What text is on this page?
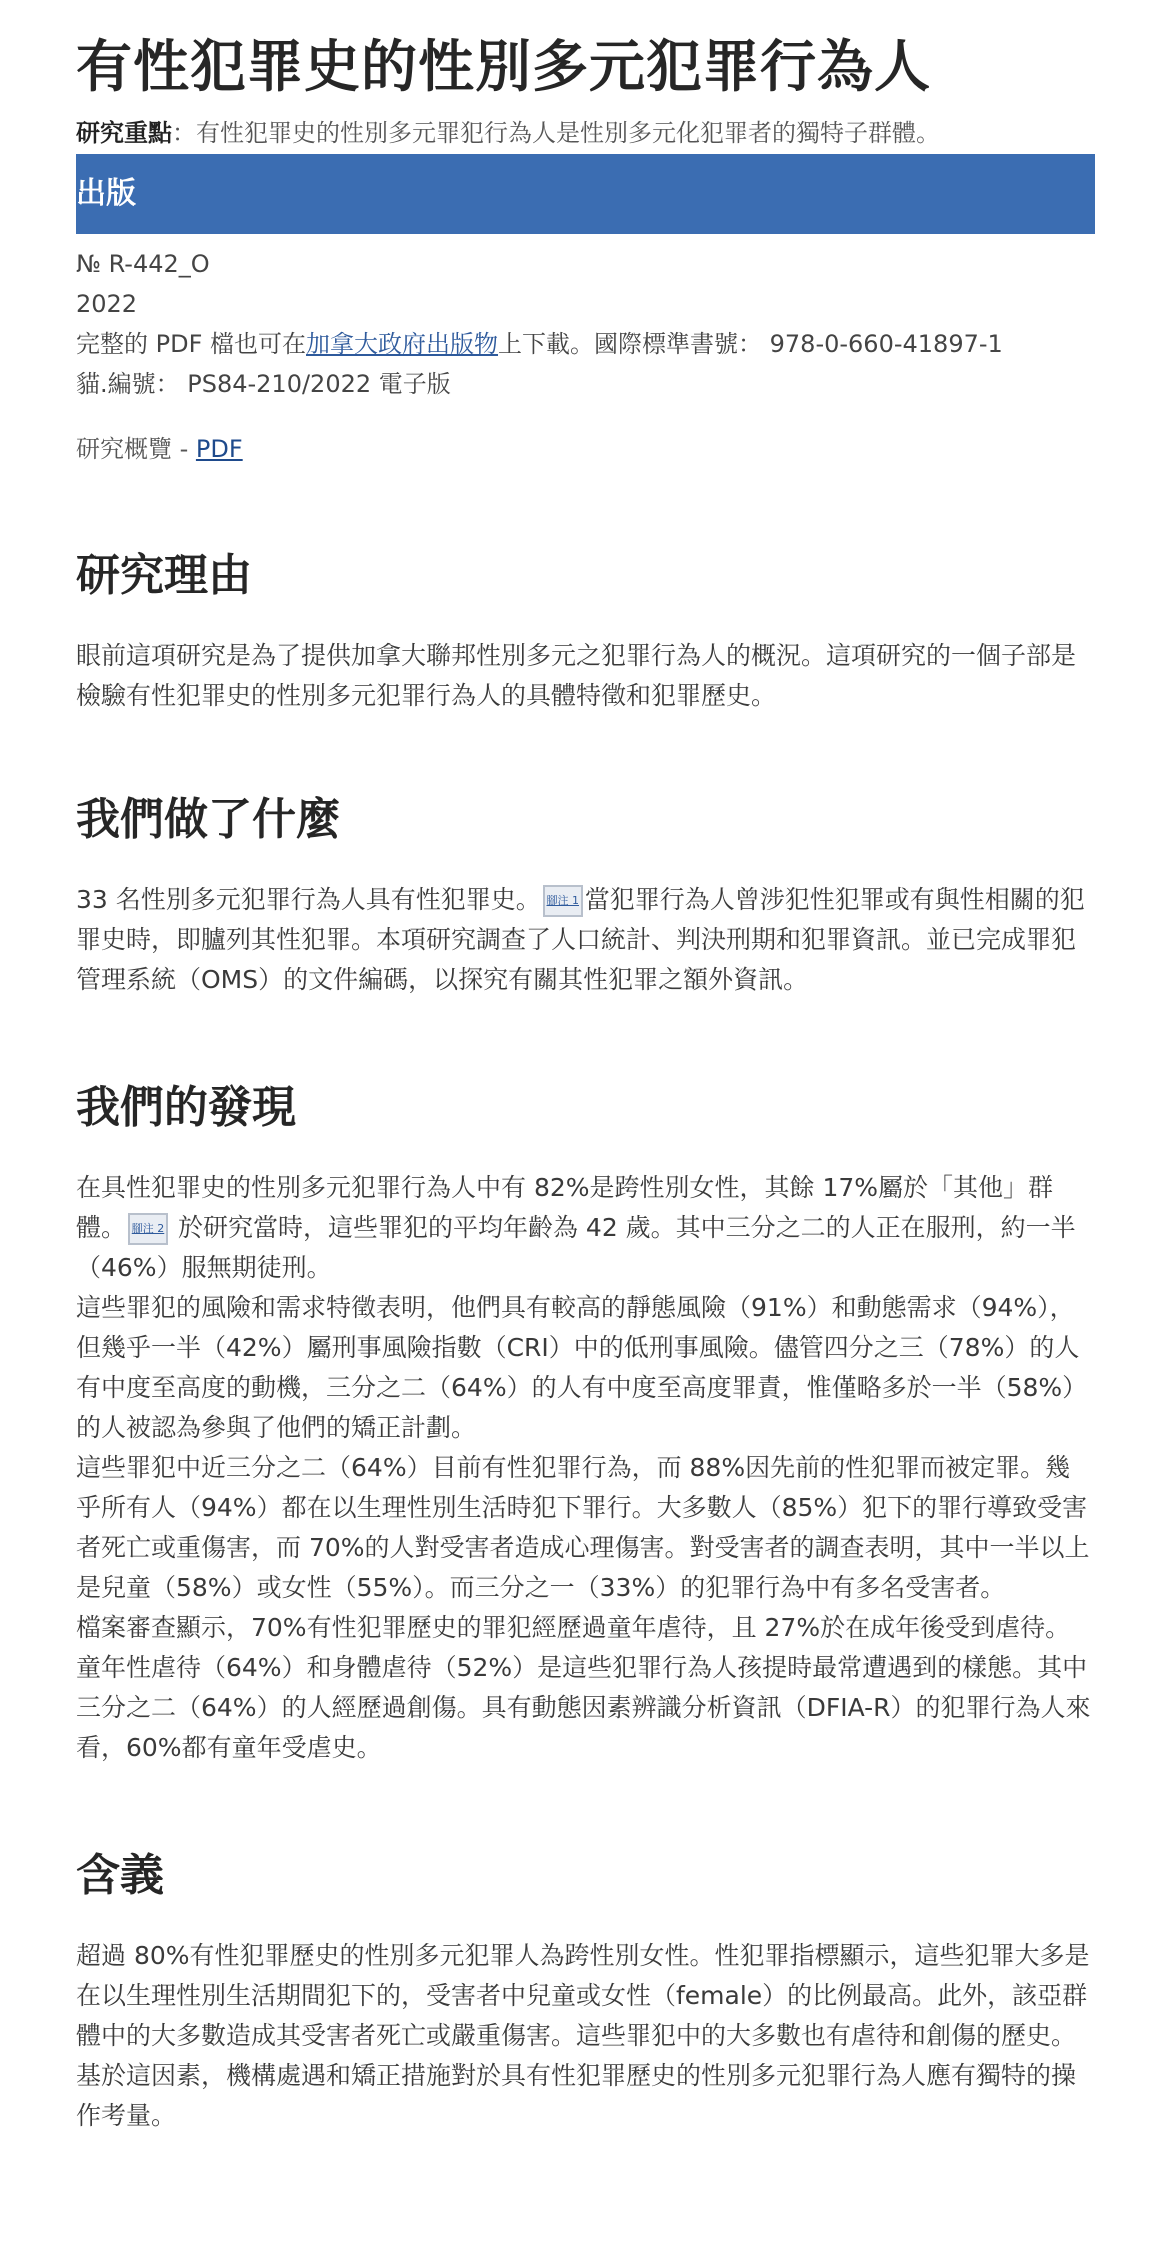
有性犯罪史的性別多元犯罪行為人

研究重點：有性犯罪史的性別多元罪犯行為人是性別多元化犯罪者的獨特子群體。

出版
№ R-442_O
2022
完整的 PDF 檔也可在加拿大政府出版物上下載。國際標準書號： 978-0-660-41897-1
貓.編號： PS84-210/2022 電子版
研究概覽 - PDF
研究理由

眼前這項研究是為了提供加拿大聯邦性別多元之犯罪行為人的概況。這項研究的一個子部是檢驗有性犯罪史的性別多元犯罪行為人的具體特徵和犯罪歷史。

我們做了什麼

33 名性別多元犯罪行為人具有性犯罪史。 腳注 1 當犯罪行為人曾涉犯性犯罪或有與性相關的犯罪史時，即臚列其性犯罪。本項研究調查了人口統計、判決刑期和犯罪資訊。並已完成罪犯管理系統（OMS）的文件編碼，以探究有關其性犯罪之額外資訊。

我們的發現

在具性犯罪史的性別多元犯罪行為人中有 82%是跨性別女性，其餘 17%屬於「其他」群體。 腳注 2 於研究當時，這些罪犯的平均年齡為 42 歲。其中三分之二的人正在服刑，約一半（46%）服無期徒刑。

這些罪犯的風險和需求特徵表明，他們具有較高的靜態風險（91%）和動態需求（94%），但幾乎一半（42%）屬刑事風險指數（CRI）中的低刑事風險。儘管四分之三（78%）的人有中度至高度的動機，三分之二（64%）的人有中度至高度罪責，惟僅略多於一半（58%）的人被認為參與了他們的矯正計劃。

這些罪犯中近三分之二（64%）目前有性犯罪行為，而 88%因先前的性犯罪而被定罪。幾乎所有人（94%）都在以生理性別生活時犯下罪行。大多數人（85%）犯下的罪行導致受害者死亡或重傷害，而 70%的人對受害者造成心理傷害。對受害者的調查表明，其中一半以上是兒童（58%）或女性（55%）。而三分之一（33%）的犯罪行為中有多名受害者。

檔案審查顯示，70%有性犯罪歷史的罪犯經歷過童年虐待，且 27%於在成年後受到虐待。童年性虐待（64%）和身體虐待（52%）是這些犯罪行為人孩提時最常遭遇到的樣態。其中三分之二（64%）的人經歷過創傷。具有動態因素辨識分析資訊（DFIA-R）的犯罪行為人來看，60%都有童年受虐史。

含義

超過 80%有性犯罪歷史的性別多元犯罪人為跨性別女性。性犯罪指標顯示，這些犯罪大多是在以生理性別生活期間犯下的，受害者中兒童或女性（female）的比例最高。此外，該亞群體中的大多數造成其受害者死亡或嚴重傷害。這些罪犯中的大多數也有虐待和創傷的歷史。基於這因素，機構處遇和矯正措施對於具有性犯罪歷史的性別多元犯罪行為人應有獨特的操作考量。
